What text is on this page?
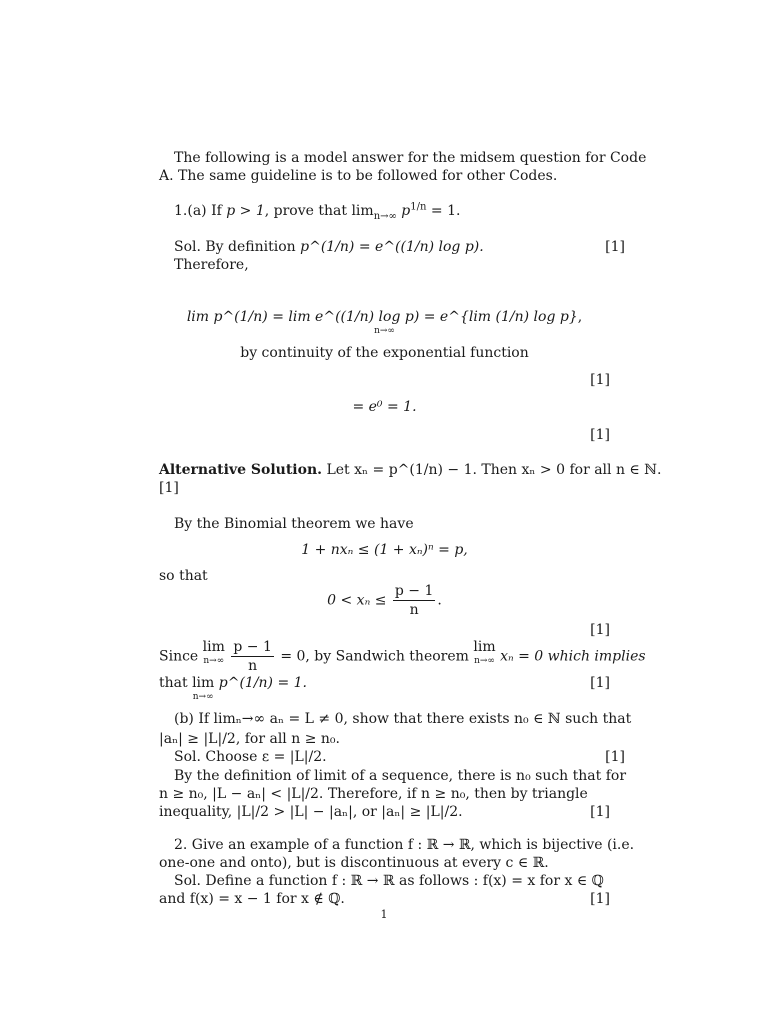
The following is a model answer for the midsem question for Code
A. The same guideline is to be followed for other Codes.
1.(a) If p > 1, prove that $\lim_{n\to\infty} p^{1/n} = 1$.
Sol. By definition p^(1/n) = e^((1/n) log p).	[1]
Therefore,
lim p^(1/n) = lim e^((1/n) log p) = e^{lim (1/n) log p},
n→∞
by continuity of the exponential function
[1]
= e⁰ = 1.
[1]
Alternative Solution. Let xₙ = p^(1/n) − 1. Then xₙ > 0 for all n ∈ ℕ.
[1]
By the Binomial theorem we have
1 + nxₙ ≤ (1 + xₙ)ⁿ = p,
so that
$0 < x_n \le \frac{p - 1}{n}$ .
[1]
Since lim
n→∞
$\frac{p - 1}{n} = 0$, by Sandwich theorem lim
n→∞ xₙ = 0 which implies
that lim
n→∞
p^(1/n) = 1.	[1]
(b) If limₙ→∞ aₙ = L ≠ 0, show that there exists n₀ ∈ ℕ such that
|aₙ| ≥ |L|/2, for all n ≥ n₀.
Sol. Choose ε = |L|/2.	[1]
By the definition of limit of a sequence, there is n₀ such that for
n ≥ n₀, |L − aₙ| < |L|/2. Therefore, if n ≥ n₀, then by triangle
inequality, |L|/2 > |L| − |aₙ|, or |aₙ| ≥ |L|/2.	[1]
2. Give an example of a function f : ℝ → ℝ, which is bijective (i.e.
one-one and onto), but is discontinuous at every c ∈ ℝ.
Sol. Define a function f : ℝ → ℝ as follows : f(x) = x for x ∈ ℚ
and f(x) = x − 1 for x ∉ ℚ.	[1]
1
